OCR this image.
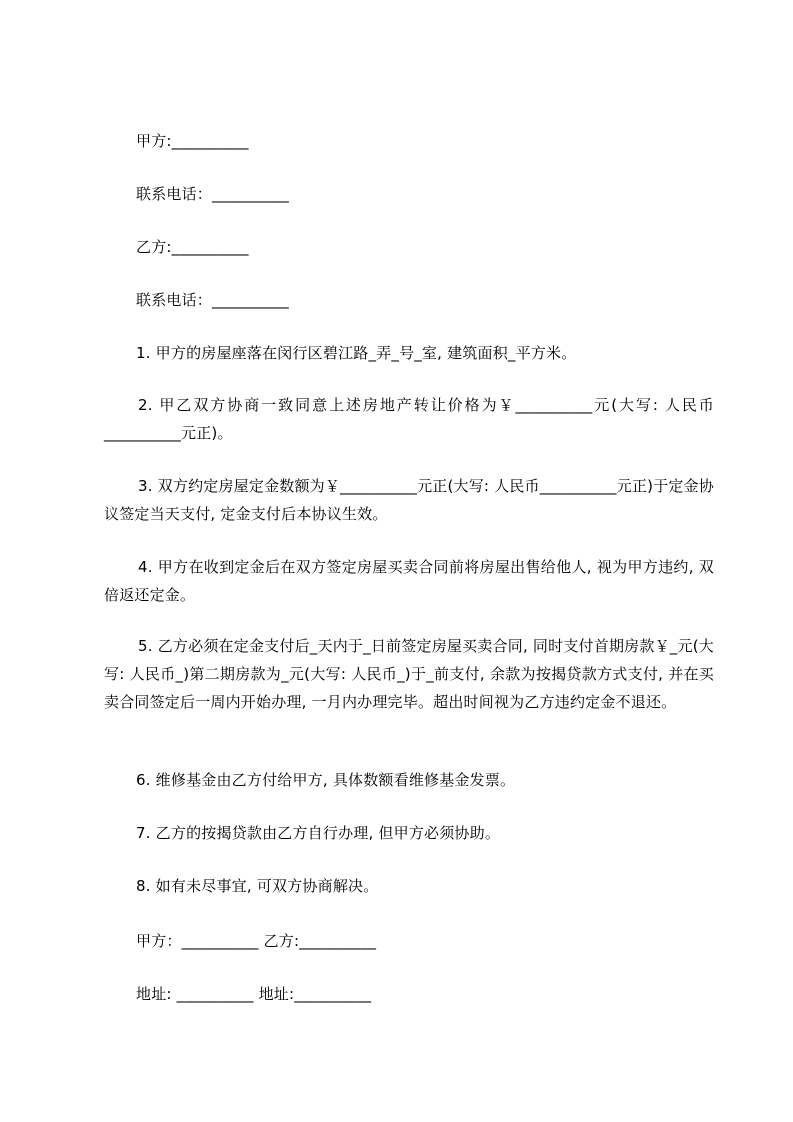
甲方:__________
联系电话：__________
乙方:__________
联系电话：__________
1. 甲方的房屋座落在闵行区碧江路_弄_号_室, 建筑面积_平方米。
2. 甲乙双方协商一致同意上述房地产转让价格为￥__________元(大写: 人民币__________元正)。
3. 双方约定房屋定金数额为￥__________元正(大写: 人民币__________元正)于定金协议签定当天支付, 定金支付后本协议生效。
4. 甲方在收到定金后在双方签定房屋买卖合同前将房屋出售给他人, 视为甲方违约, 双倍返还定金。
5. 乙方必须在定金支付后_天内于_日前签定房屋买卖合同, 同时支付首期房款￥_元(大写: 人民币_)第二期房款为_元(大写: 人民币_)于_前支付, 余款为按揭贷款方式支付, 并在买卖合同签定后一周内开始办理, 一月内办理完毕。超出时间视为乙方违约定金不退还。
6. 维修基金由乙方付给甲方, 具体数额看维修基金发票。
7. 乙方的按揭贷款由乙方自行办理, 但甲方必须协助。
8. 如有未尽事宜, 可双方协商解决。
甲方：__________ 乙方:__________
地址: __________ 地址:__________
